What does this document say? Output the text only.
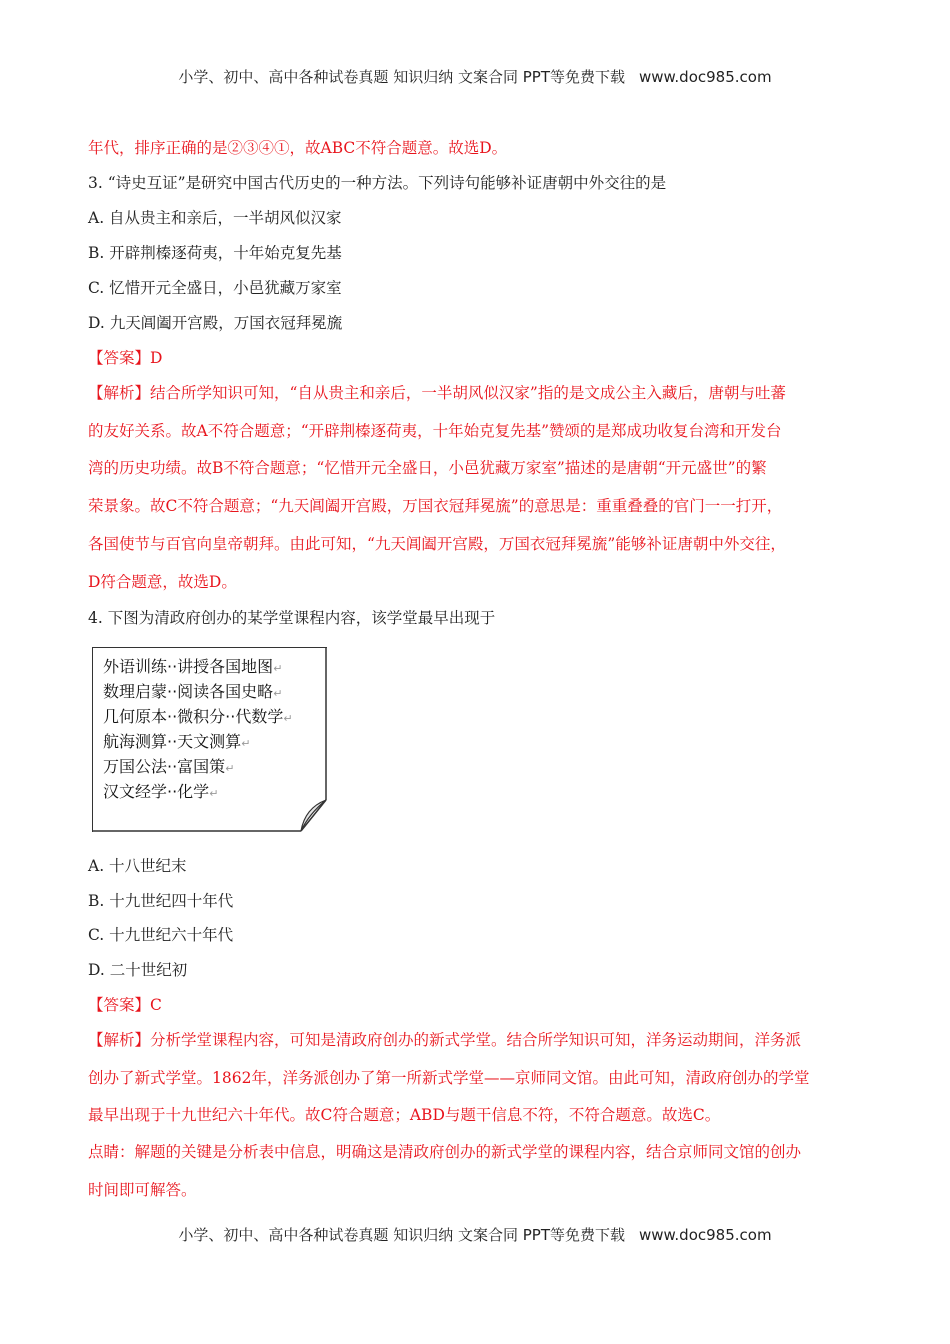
小学、初中、高中各种试卷真题 知识归纳 文案合同 PPT等免费下载 www.doc985.com
年代，排序正确的是②③④①，故ABC不符合题意。故选D。
3. “诗史互证”是研究中国古代历史的一种方法。下列诗句能够补证唐朝中外交往的是
A. 自从贵主和亲后，一半胡风似汉家
B. 开辟荆榛逐荷夷，十年始克复先基
C. 忆惜开元全盛日，小邑犹藏万家室
D. 九天阊阖开宫殿，万国衣冠拜冕旒
【答案】D
【解析】结合所学知识可知，“自从贵主和亲后，一半胡风似汉家”指的是文成公主入藏后，唐朝与吐蕃
的友好关系。故A不符合题意；“开辟荆榛逐荷夷，十年始克复先基”赞颂的是郑成功收复台湾和开发台
湾的历史功绩。故B不符合题意；“忆惜开元全盛日，小邑犹藏万家室”描述的是唐朝“开元盛世”的繁
荣景象。故C不符合题意；“九天阊阖开宫殿，万国衣冠拜冕旒”的意思是：重重叠叠的官门一一打开，
各国使节与百官向皇帝朝拜。由此可知，“九天阊阖开宫殿，万国衣冠拜冕旒”能够补证唐朝中外交往，
D符合题意，故选D。
4. 下图为清政府创办的某学堂课程内容，该学堂最早出现于
外语训练··讲授各国地图↵
数理启蒙··阅读各国史略↵
几何原本··微积分··代数学↵
航海测算··天文测算↵
万国公法··富国策↵
汉文经学··化学↵
A. 十八世纪末
B. 十九世纪四十年代
C. 十九世纪六十年代
D. 二十世纪初
【答案】C
【解析】分析学堂课程内容，可知是清政府创办的新式学堂。结合所学知识可知，洋务运动期间，洋务派
创办了新式学堂。1862年，洋务派创办了第一所新式学堂——京师同文馆。由此可知，清政府创办的学堂
最早出现于十九世纪六十年代。故C符合题意；ABD与题干信息不符，不符合题意。故选C。
点睛：解题的关键是分析表中信息，明确这是清政府创办的新式学堂的课程内容，结合京师同文馆的创办
时间即可解答。
小学、初中、高中各种试卷真题 知识归纳 文案合同 PPT等免费下载 www.doc985.com
